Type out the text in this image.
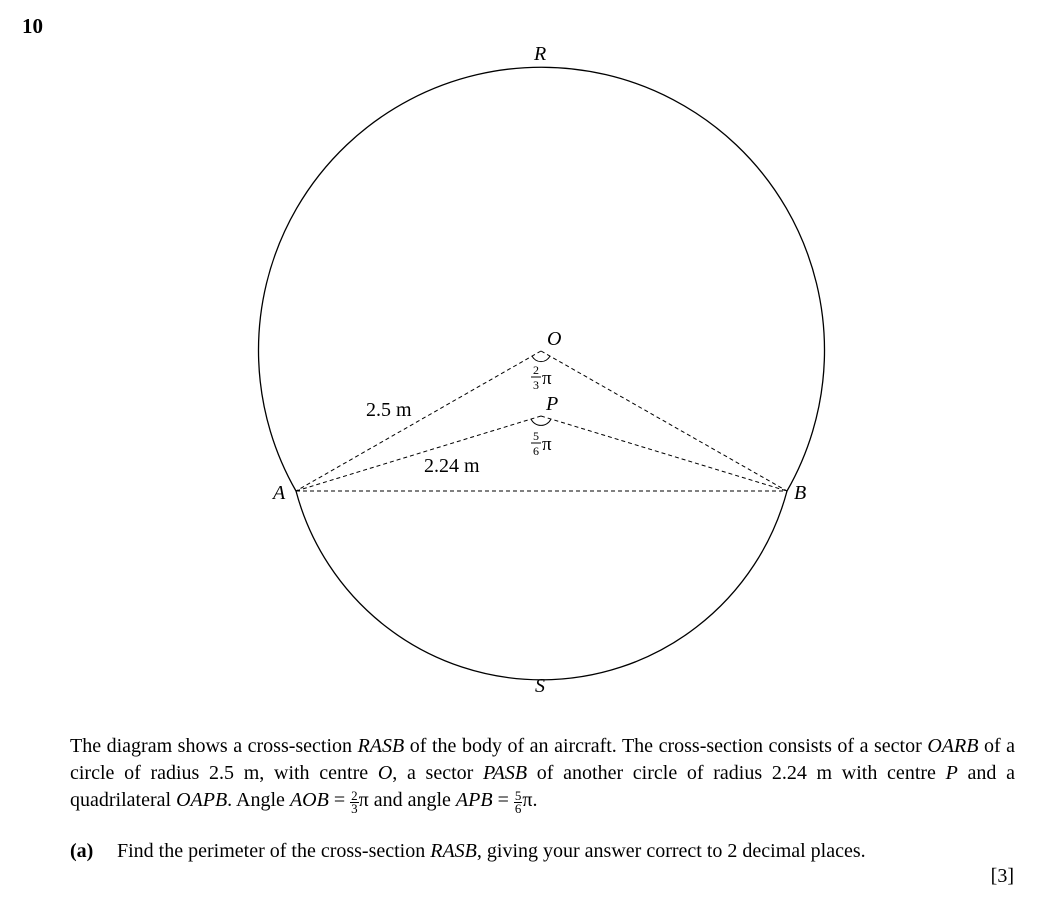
10
R
S
O
P
A	B
2.5 m
2.24 m
2
3 π
5
6 π
The diagram shows a cross-section RASB of the body of an aircraft. The cross-section consists of a sector OARB of a circle of radius 2.5 m, with centre O, a sector PASB of another circle of radius 2.24 m with centre P and a quadrilateral OAPB. Angle AOB = $\frac{2}{3}$ π and angle APB = $\frac{5}{6} \pi$.
(a) Find the perimeter of the cross-section RASB, giving your answer correct to 2 decimal places.
[3]
